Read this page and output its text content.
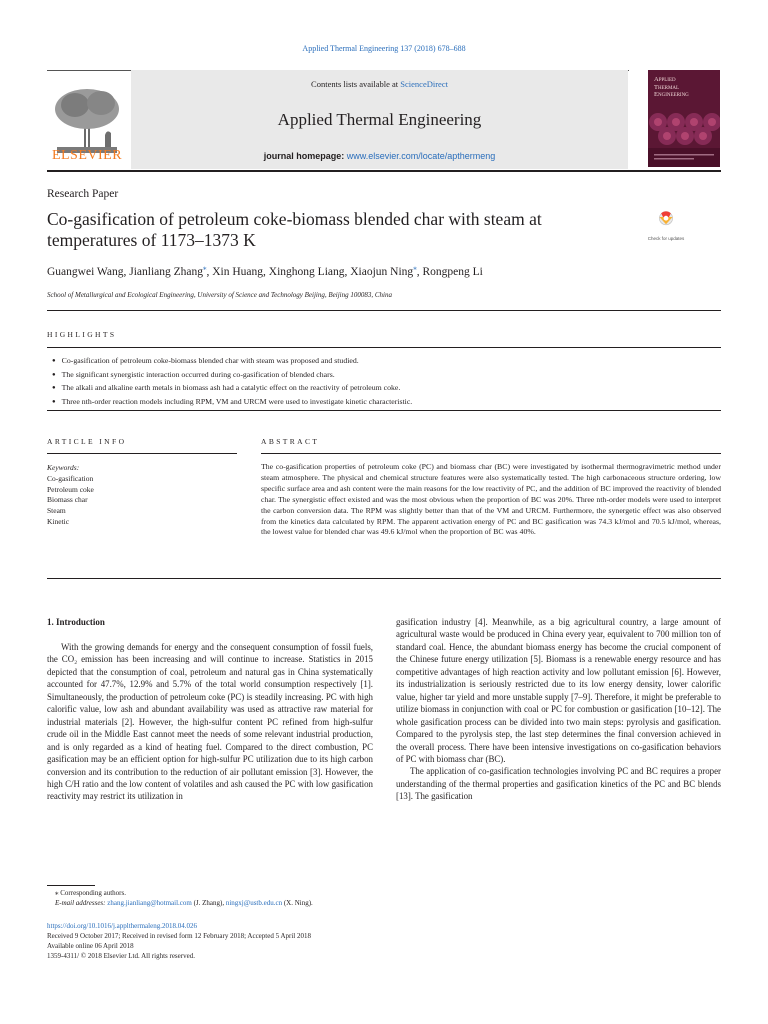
Applied Thermal Engineering 137 (2018) 678–688
ELSEVIER
Contents lists available at ScienceDirect
Applied Thermal Engineering
journal homepage: www.elsevier.com/locate/apthermeng
Applied
Thermal
Engineering
Research Paper
Co-gasification of petroleum coke-biomass blended char with steam at temperatures of 1173–1373 K	Check for updates
Guangwei Wang, Jianliang Zhang⁎, Xin Huang, Xinghong Liang, Xiaojun Ning⁎, Rongpeng Li
School of Metallurgical and Ecological Engineering, University of Science and Technology Beijing, Beijing 100083, China
HIGHLIGHTS
● Co-gasification of petroleum coke-biomass blended char with steam was proposed and studied.
● The significant synergistic interaction occurred during co-gasification of blended chars.
● The alkali and alkaline earth metals in biomass ash had a catalytic effect on the reactivity of petroleum coke.
● Three nth-order reaction models including RPM, VM and URCM were used to investigate kinetic characteristic.
ARTICLE INFO	ABSTRACT
Keywords:
Co-gasification
Petroleum coke
Biomass char
Steam
Kinetic
The co-gasification properties of petroleum coke (PC) and biomass char (BC) were investigated by isothermal thermogravimetric method under steam atmosphere. The physical and chemical structure features were also systematically tested. The high carbonaceous structure ordering, low specific surface area and ash content were the main reasons for the low reactivity of PC, and the addition of BC improved the reactivity of blended char. The synergistic effect existed and was the most obvious when the proportion of BC was 20%. Three nth-order models were used to interpret the carbon conversion data. The RPM was slightly better than that of the VM and URCM. Furthermore, the synergetic effect was also observed from the kinetics data calculated by RPM. The apparent activation energy of PC and BC gasification was 74.3 kJ/mol and 70.5 kJ/mol, whereas, the lowest value for blended char was 49.6 kJ/mol when the proportion of BC was 40%.
1. Introduction

With the growing demands for energy and the consequent consumption of fossil fuels, the CO₂ emission has been increasing and will continue to increase. Statistics in 2015 depicted that the consumption of coal, petroleum and natural gas in China systematically accounted for 47.7%, 12.9% and 5.7% of the total world consumption respectively [1]. Simultaneously, the production of petroleum coke (PC) is steadily increasing. PC with high calorific value, low ash and abundant availability was used as attractive raw material for industrial materials [2]. However, the high-sulfur content PC refined from high-sulfur crude oil in the Middle East cannot meet the needs of some relevant industrial production, and is only regarded as a kind of heating fuel. Compared to the direct combustion, PC gasification may be an efficient option for high-sulfur PC utilization due to its high carbon conversion and its contribution to the reduction of air pollutant emission [3]. However, the high C/H ratio and the low content of volatiles and ash caused the PC with low gasification reactivity may restrict its utilization in

gasification industry [4]. Meanwhile, as a big agricultural country, a large amount of agricultural waste would be produced in China every year, equivalent to 700 million ton of standard coal. Hence, the abundant biomass energy has become the crucial component of the Chinese future energy utilization [5]. Biomass is a renewable energy resource and has competitive advantages of high reaction activity and low pollutant emission [6]. However, its industrialization is seriously restricted due to its low energy density, lower calorific value, higher tar yield and more unstable supply [7–9]. Therefore, it might be preferable to utilize biomass in conjunction with coal or PC for combustion or gasification [10–12]. The whole gasification process can be divided into two main steps: pyrolysis and gasification. Compared to the pyrolysis step, the last step determines the final conversion achieved in the overall process. There have been intensive investigations on co-gasification behaviors of PC with biomass char (BC).

The application of co-gasification technologies involving PC and BC requires a proper understanding of the thermal properties and gasification kinetics of the PC and BC blends [13]. The gasification

⁎ Corresponding authors.
E-mail addresses: zhang.jianliang@hotmail.com (J. Zhang), ningxj@ustb.edu.cn (X. Ning).
https://doi.org/10.1016/j.applthermaleng.2018.04.026
Received 9 October 2017; Received in revised form 12 February 2018; Accepted 5 April 2018
Available online 06 April 2018
1359-4311/ © 2018 Elsevier Ltd. All rights reserved.
